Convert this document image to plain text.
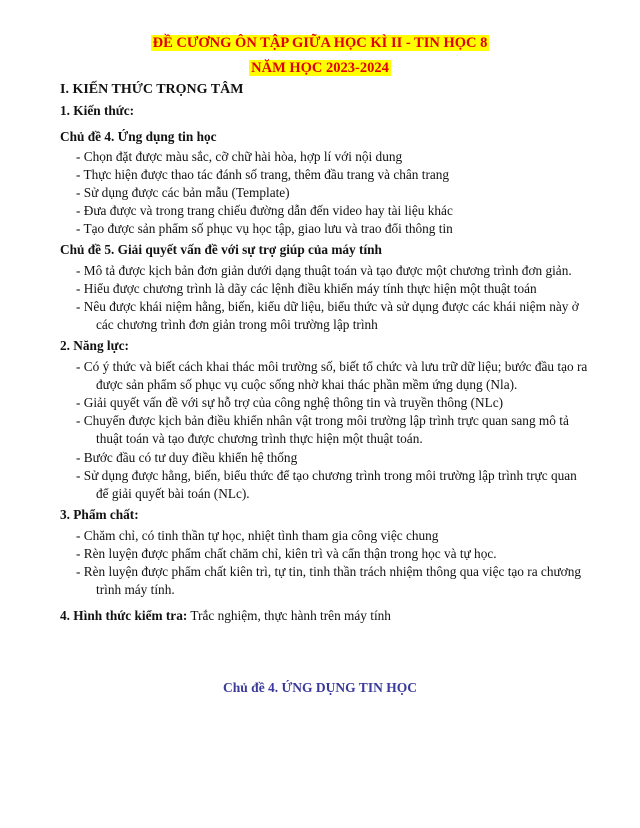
ĐỀ CƯƠNG ÔN TẬP GIỮA HỌC KÌ II - TIN HỌC 8
NĂM HỌC 2023-2024
I. KIẾN THỨC TRỌNG TÂM
1. Kiến thức:
Chủ đề 4. Ứng dụng tin học
- Chọn đặt được màu sắc, cỡ chữ hài hòa, hợp lí với nội dung
- Thực hiện được thao tác đánh số trang, thêm đầu trang và chân trang
- Sử dụng được các bản mẫu (Template)
- Đưa được và trong trang chiếu đường dẫn đến video hay tài liệu khác
- Tạo được sản phẩm số phục vụ học tập, giao lưu và trao đổi thông tin
Chủ đề 5. Giải quyết vấn đề với sự trợ giúp của máy tính
- Mô tả được kịch bản đơn giản dưới dạng thuật toán và tạo được một chương trình đơn giản.
- Hiểu được chương trình là dãy các lệnh điều khiển máy tính thực hiện một thuật toán
- Nêu được khái niệm hằng, biến, kiểu dữ liệu, biểu thức và sử dụng được các khái niệm này ở
các chương trình đơn giản trong môi trường lập trình
2. Năng lực:
- Có ý thức và biết cách khai thác môi trường số, biết tổ chức và lưu trữ dữ liệu; bước đầu tạo ra
được sản phẩm số phục vụ cuộc sống nhờ khai thác phần mềm ứng dụng (Nla).
- Giải quyết vấn đề với sự hỗ trợ của công nghệ thông tin và truyền thông (NLc)
- Chuyển được kịch bản điều khiển nhân vật trong môi trường lập trình trực quan sang mô tả
thuật toán và tạo được chương trình thực hiện một thuật toán.
- Bước đầu có tư duy điều khiển hệ thống
- Sử dụng được hằng, biến, biểu thức để tạo chương trình trong môi trường lập trình trực quan
để giải quyết bài toán (NLc).
3. Phẩm chất:
- Chăm chỉ, có tinh thần tự học, nhiệt tình tham gia công việc chung
- Rèn luyện được phẩm chất chăm chỉ, kiên trì và cẩn thận trong học và tự học.
- Rèn luyện được phẩm chất kiên trì, tự tin, tinh thần trách nhiệm thông qua việc tạo ra chương
trình máy tính.
4. Hình thức kiểm tra: Trắc nghiệm, thực hành trên máy tính
Chủ đề 4. ỨNG DỤNG TIN HỌC
